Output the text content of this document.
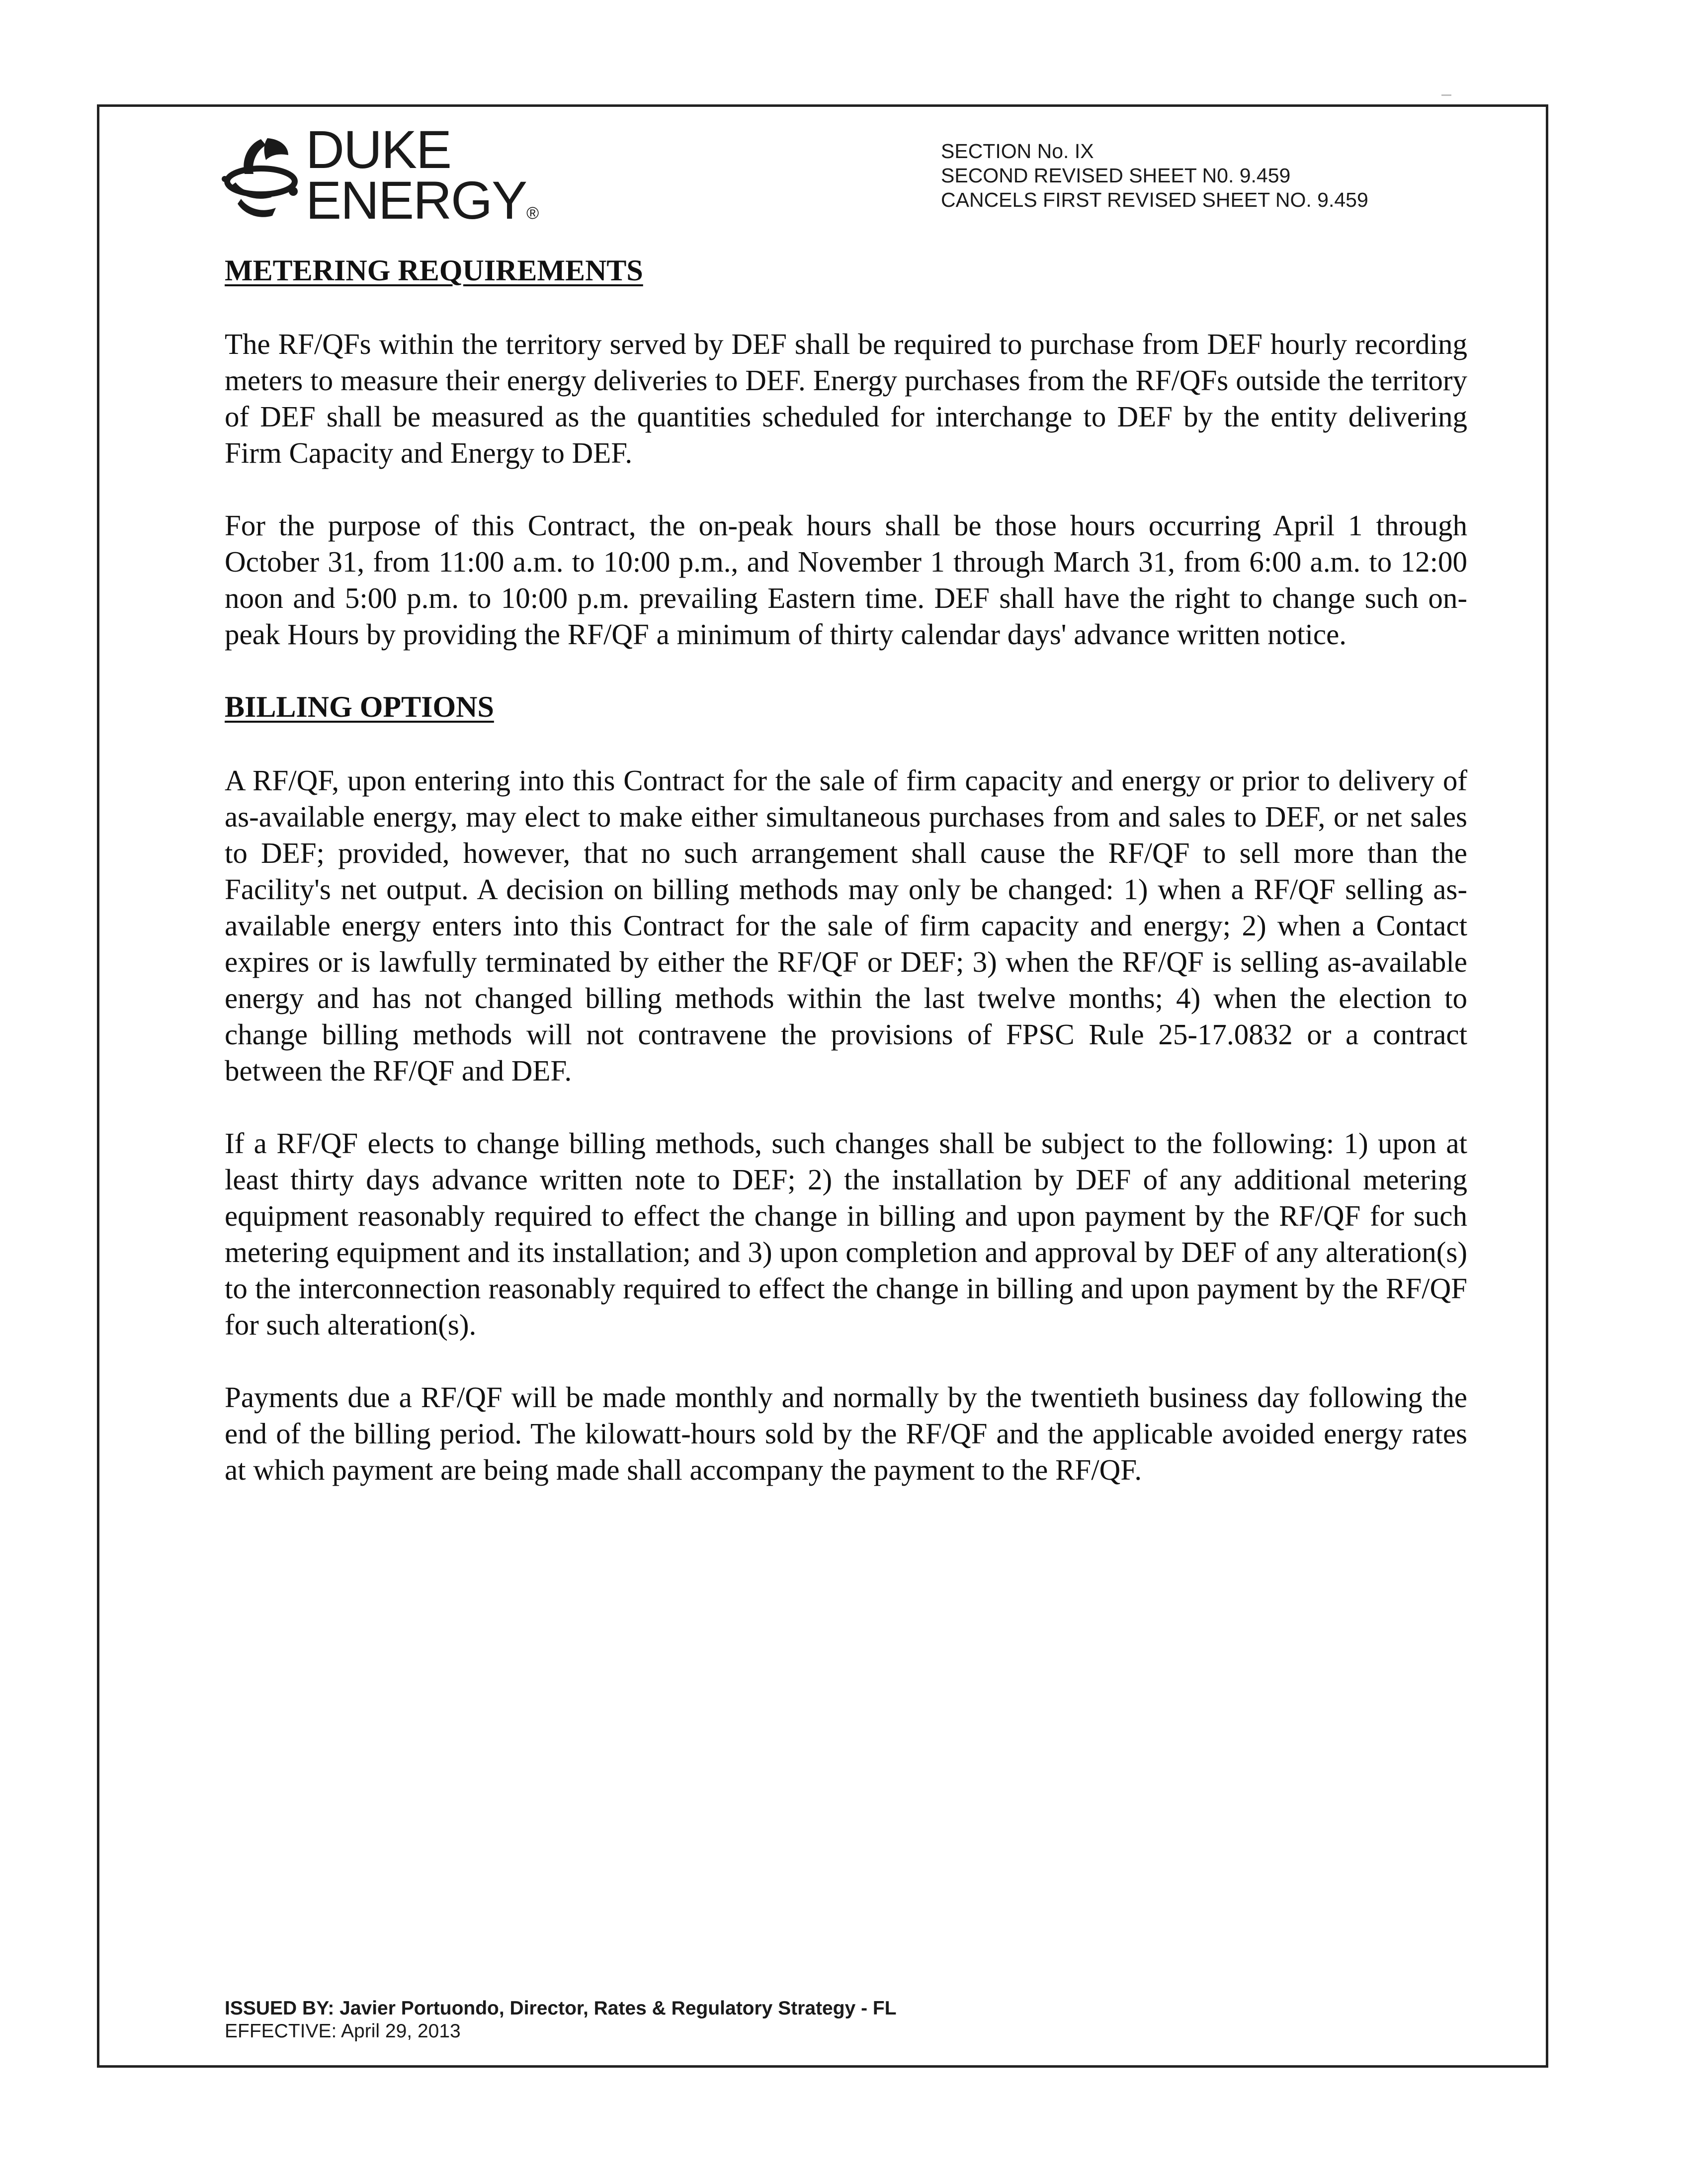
DUKE
ENERGY®
SECTION No. IX
SECOND REVISED SHEET N0. 9.459
CANCELS FIRST REVISED SHEET NO. 9.459
METERING REQUIREMENTS

The RF/QFs within the territory served by DEF shall be required to purchase from DEF hourly recording meters to measure their energy deliveries to DEF. Energy purchases from the RF/QFs outside the territory of DEF shall be measured as the quantities scheduled for interchange to DEF by the entity delivering Firm Capacity and Energy to DEF.

For the purpose of this Contract, the on-peak hours shall be those hours occurring April 1 through October 31, from 11:00 a.m. to 10:00 p.m., and November 1 through March 31, from 6:00 a.m. to 12:00 noon and 5:00 p.m. to 10:00 p.m. prevailing Eastern time. DEF shall have the right to change such on-peak Hours by providing the RF/QF a minimum of thirty calendar days' advance written notice.

BILLING OPTIONS

A RF/QF, upon entering into this Contract for the sale of firm capacity and energy or prior to delivery of as-available energy, may elect to make either simultaneous purchases from and sales to DEF, or net sales to DEF; provided, however, that no such arrangement shall cause the RF/QF to sell more than the Facility's net output. A decision on billing methods may only be changed: 1) when a RF/QF selling as-available energy enters into this Contract for the sale of firm capacity and energy; 2) when a Contact expires or is lawfully terminated by either the RF/QF or DEF; 3) when the RF/QF is selling as-available energy and has not changed billing methods within the last twelve months; 4) when the election to change billing methods will not contravene the provisions of FPSC Rule 25-17.0832 or a contract between the RF/QF and DEF.

If a RF/QF elects to change billing methods, such changes shall be subject to the following: 1) upon at least thirty days advance written note to DEF; 2) the installation by DEF of any additional metering equipment reasonably required to effect the change in billing and upon payment by the RF/QF for such metering equipment and its installation; and 3) upon completion and approval by DEF of any alteration(s) to the interconnection reasonably required to effect the change in billing and upon payment by the RF/QF for such alteration(s).

Payments due a RF/QF will be made monthly and normally by the twentieth business day following the end of the billing period. The kilowatt-hours sold by the RF/QF and the applicable avoided energy rates at which payment are being made shall accompany the payment to the RF/QF.

ISSUED BY: Javier Portuondo, Director, Rates & Regulatory Strategy - FL
EFFECTIVE: April 29, 2013
